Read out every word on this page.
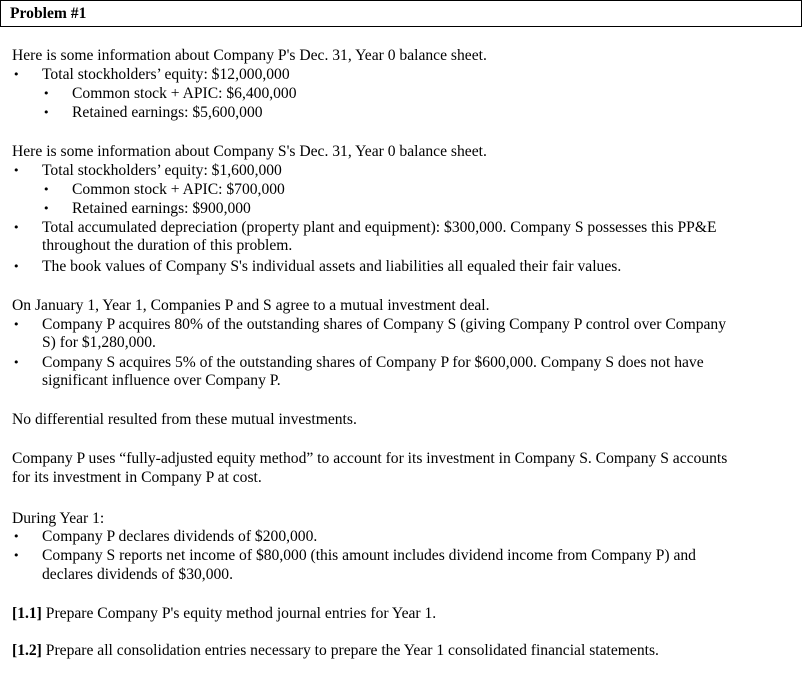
Problem #1
Here is some information about Company P's Dec. 31, Year 0 balance sheet.
• Total stockholders’ equity: $12,000,000
• Common stock + APIC: $6,400,000
• Retained earnings: $5,600,000
Here is some information about Company S's Dec. 31, Year 0 balance sheet.
• Total stockholders’ equity: $1,600,000
• Common stock + APIC: $700,000
• Retained earnings: $900,000
• Total accumulated depreciation (property plant and equipment): $300,000. Company S possesses this PP&E
throughout the duration of this problem.
• The book values of Company S's individual assets and liabilities all equaled their fair values.
On January 1, Year 1, Companies P and S agree to a mutual investment deal.
• Company P acquires 80% of the outstanding shares of Company S (giving Company P control over Company
S) for $1,280,000.
• Company S acquires 5% of the outstanding shares of Company P for $600,000. Company S does not have
significant influence over Company P.
No differential resulted from these mutual investments.
Company P uses “fully-adjusted equity method” to account for its investment in Company S. Company S accounts
for its investment in Company P at cost.
During Year 1:
• Company P declares dividends of $200,000.
• Company S reports net income of $80,000 (this amount includes dividend income from Company P) and
declares dividends of $30,000.
[1.1] Prepare Company P's equity method journal entries for Year 1.
[1.2] Prepare all consolidation entries necessary to prepare the Year 1 consolidated financial statements.
